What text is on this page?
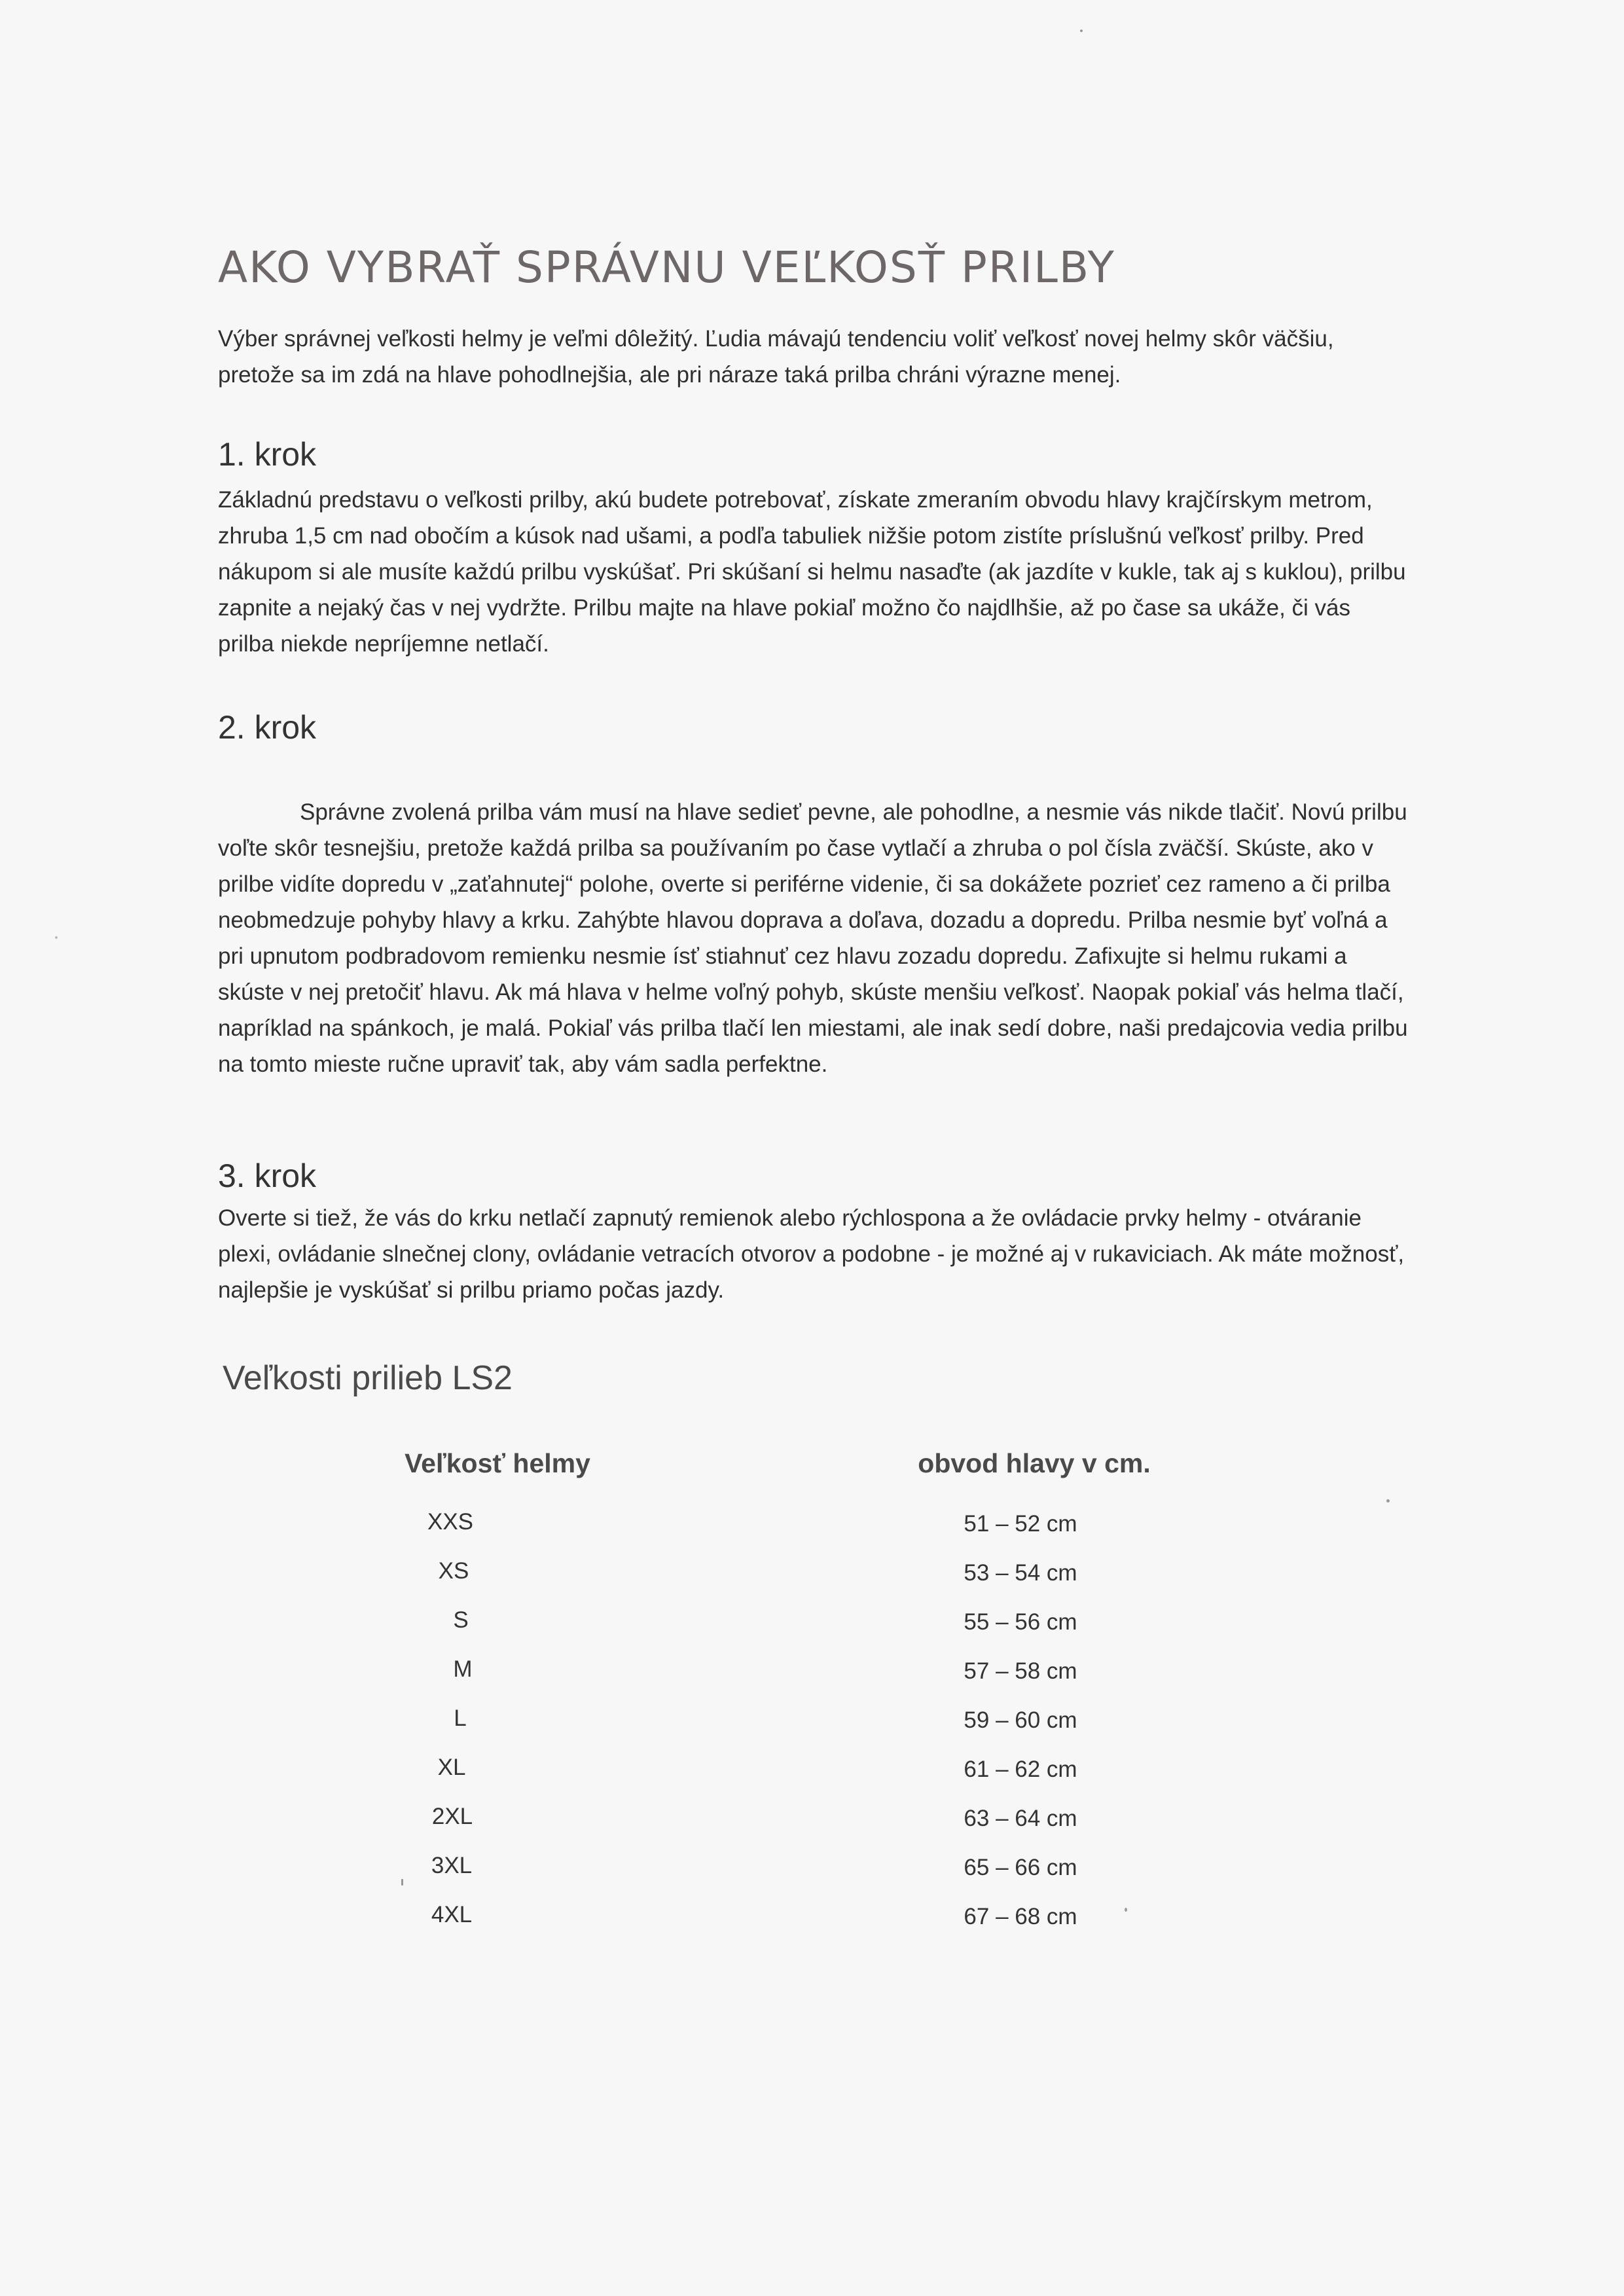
AKO VYBRAŤ SPRÁVNU VEĽKOSŤ PRILBY

Výber správnej veľkosti helmy je veľmi dôležitý. Ľudia mávajú tendenciu voliť veľkosť novej helmy skôr väčšiu, pretože sa im zdá na hlave pohodlnejšia, ale pri náraze taká prilba chráni výrazne menej.

1. krok

Základnú predstavu o veľkosti prilby, akú budete potrebovať, získate zmeraním obvodu hlavy krajčírskym metrom, zhruba 1,5 cm nad obočím a kúsok nad ušami, a podľa tabuliek nižšie potom zistíte príslušnú veľkosť prilby. Pred nákupom si ale musíte každú prilbu vyskúšať. Pri skúšaní si helmu nasaďte (ak jazdíte v kukle, tak aj s kuklou), prilbu zapnite a nejaký čas v nej vydržte. Prilbu majte na hlave pokiaľ možno čo najdlhšie, až po čase sa ukáže, či vás prilba niekde nepríjemne netlačí.

2. krok

Správne zvolená prilba vám musí na hlave sedieť pevne, ale pohodlne, a nesmie vás nikde tlačiť. Novú prilbu voľte skôr tesnejšiu, pretože každá prilba sa používaním po čase vytlačí a zhruba o pol čísla zväčší. Skúste, ako v prilbe vidíte dopredu v „zaťahnutej“ polohe, overte si periférne videnie, či sa dokážete pozrieť cez rameno a či prilba neobmedzuje pohyby hlavy a krku. Zahýbte hlavou doprava a doľava, dozadu a dopredu. Prilba nesmie byť voľná a pri upnutom podbradovom remienku nesmie ísť stiahnuť cez hlavu zozadu dopredu. Zafixujte si helmu rukami a skúste v nej pretočiť hlavu. Ak má hlava v helme voľný pohyb, skúste menšiu veľkosť. Naopak pokiaľ vás helma tlačí, napríklad na spánkoch, je malá. Pokiaľ vás prilba tlačí len miestami, ale inak sedí dobre, naši predajcovia vedia prilbu na tomto mieste ručne upraviť tak, aby vám sadla perfektne.

3. krok

Overte si tiež, že vás do krku netlačí zapnutý remienok alebo rýchlospona a že ovládacie prvky helmy - otváranie plexi, ovládanie slnečnej clony, ovládanie vetracích otvorov a podobne - je možné aj v rukaviciach. Ak máte možnosť, najlepšie je vyskúšať si prilbu priamo počas jazdy.

Veľkosti prilieb LS2
Veľkosť helmy	obvod hlavy v cm.
XXS	51 – 52 cm
XS	53 – 54 cm
S	55 – 56 cm
M	57 – 58 cm
L	59 – 60 cm
XL	61 – 62 cm
2XL	63 – 64 cm
3XL	65 – 66 cm
4XL	67 – 68 cm
